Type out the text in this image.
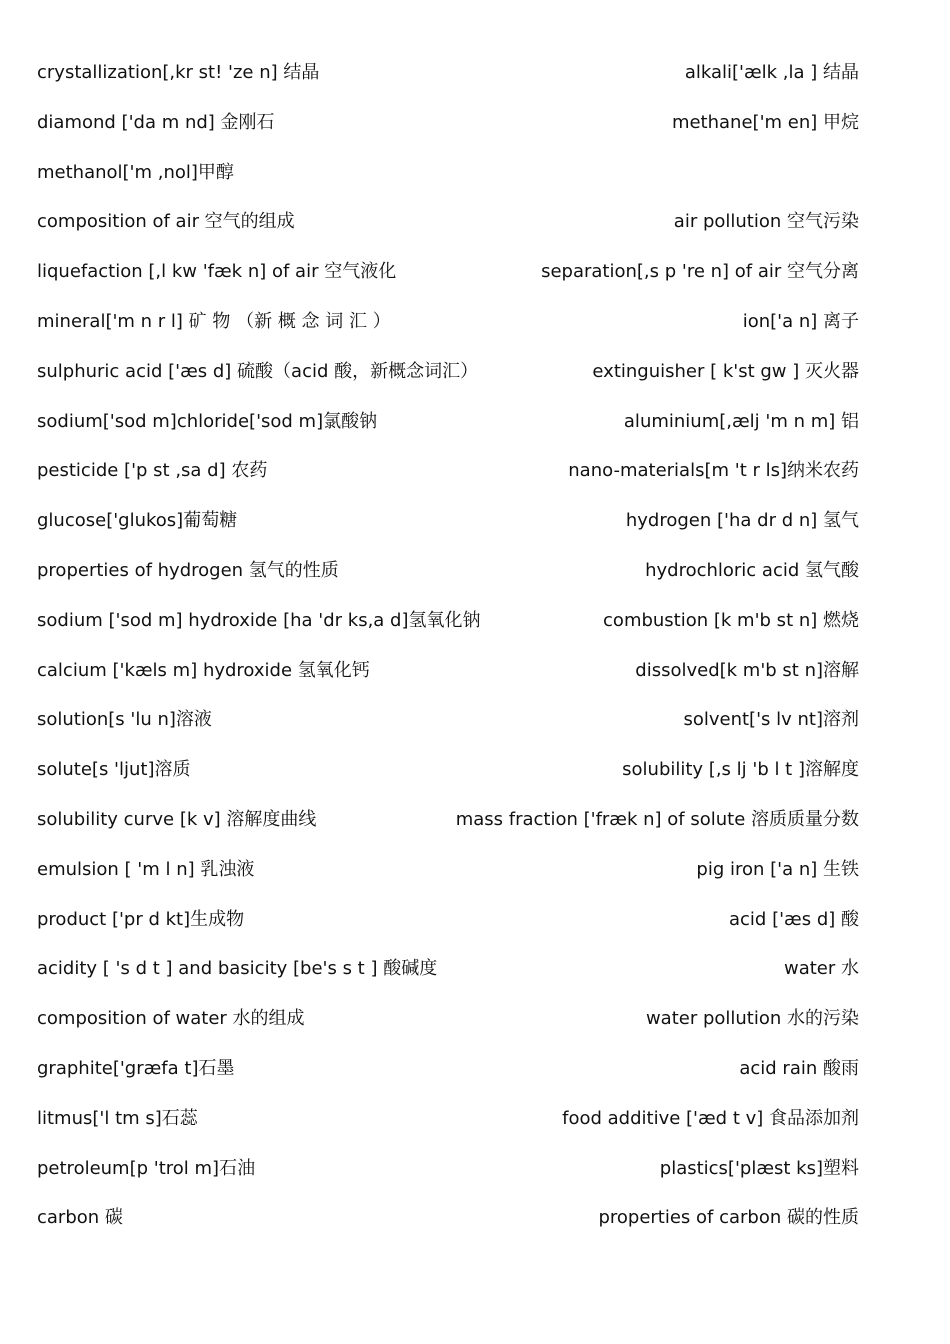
crystallization[,kr st! 'ze n] 结晶	alkali['ælk ,la ] 结晶
diamond ['da m nd] 金刚石	methane['m en] 甲烷
methanol['m ,nol]甲醇
composition of air 空气的组成	air pollution 空气污染
liquefaction [,l kw 'fæk n] of air 空气液化	separation[,s p 're n] of air 空气分离
mineral['m n r l] 矿 物 （新 概 念 词 汇 ）	ion['a n] 离子
sulphuric acid ['æs d] 硫酸（acid 酸，新概念词汇）	extinguisher [ k'st gw ] 灭火器
sodium['sod m]chloride['sod m]氯酸钠	aluminium[,ælj 'm n m] 铝
pesticide ['p st ,sa d] 农药	nano-materials[m 't r ls]纳米农药
glucose['glukos]葡萄糖	hydrogen ['ha dr d n] 氢气
properties of hydrogen 氢气的性质	hydrochloric acid 氢气酸
sodium ['sod m] hydroxide [ha 'dr ks,a d]氢氧化钠	combustion [k m'b st n] 燃烧
calcium ['kæls m] hydroxide 氢氧化钙	dissolved[k m'b st n]溶解
solution[s 'lu n]溶液	solvent['s lv nt]溶剂
solute[s 'ljut]溶质	solubility [,s lj 'b l t ]溶解度
solubility curve [k v] 溶解度曲线	mass fraction ['fræk n] of solute 溶质质量分数
emulsion [ 'm l n] 乳浊液	pig iron ['a n] 生铁
product ['pr d kt]生成物	acid ['æs d] 酸
acidity [ 's d t ] and basicity [be's s t ] 酸碱度	water 水
composition of water 水的组成	water pollution 水的污染
graphite['græfa t]石墨	acid rain 酸雨
litmus['l tm s]石蕊	food additive ['æd t v] 食品添加剂
petroleum[p 'trol m]石油	plastics['plæst ks]塑料
carbon 碳	properties of carbon 碳的性质
